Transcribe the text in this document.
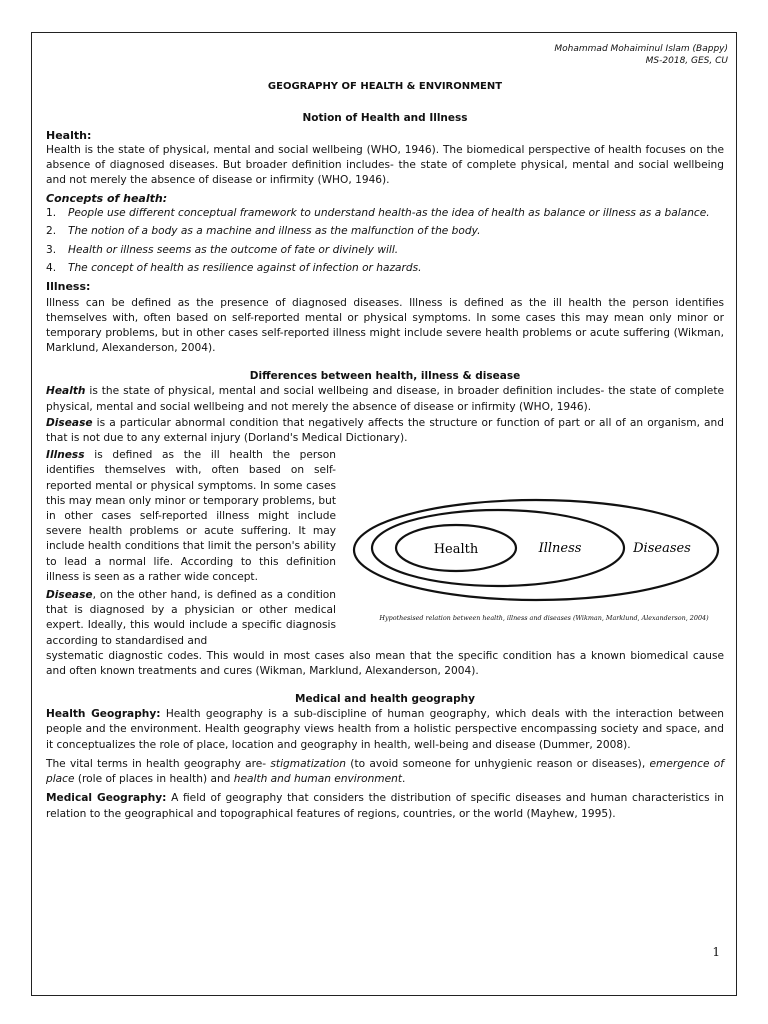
Mohammad Mohaiminul Islam (Bappy)
MS-2018, GES, CU
GEOGRAPHY OF HEALTH & ENVIRONMENT
Notion of Health and Illness
Health:

Health is the state of physical, mental and social wellbeing (WHO, 1946). The biomedical perspective of health focuses on the absence of diagnosed diseases. But broader definition includes- the state of complete physical, mental and social wellbeing and not merely the absence of disease or infirmity (WHO, 1946).

Concepts of health:
1.	People use different conceptual framework to understand health-as the idea of health as balance or illness as a balance.
2.	The notion of a body as a machine and illness as the malfunction of the body.
3.	Health or illness seems as the outcome of fate or divinely will.
4.	The concept of health as resilience against of infection or hazards.
Illness:

Illness can be defined as the presence of diagnosed diseases. Illness is defined as the ill health the person identifies themselves with, often based on self-reported mental or physical symptoms. In some cases this may mean only minor or temporary problems, but in other cases self-reported illness might include severe health problems or acute suffering (Wikman, Marklund, Alexanderson, 2004).

Differences between health, illness & disease

Health is the state of physical, mental and social wellbeing and disease, in broader definition includes- the state of complete physical, mental and social wellbeing and not merely the absence of disease or infirmity (WHO, 1946).

Disease is a particular abnormal condition that negatively affects the structure or function of part or all of an organism, and that is not due to any external injury (Dorland's Medical Dictionary).

Illness is defined as the ill health the person identifies themselves with, often based on self-reported mental or physical symptoms. In some cases this may mean only minor or temporary problems, but in other cases self-reported illness might include severe health problems or acute suffering. It may include health conditions that limit the person's ability to lead a normal life. According to this definition illness is seen as a rather wide concept.

Disease, on the other hand, is defined as a condition that is diagnosed by a physician or other medical expert. Ideally, this would include a specific diagnosis according to standardised and

Health	Illness	Diseases
Hypothesised relation between health, illness and diseases (Wikman, Marklund, Alexanderson, 2004)

systematic diagnostic codes. This would in most cases also mean that the specific condition has a known biomedical cause and often known treatments and cures (Wikman, Marklund, Alexanderson, 2004).

Medical and health geography

Health Geography: Health geography is a sub-discipline of human geography, which deals with the interaction between people and the environment. Health geography views health from a holistic perspective encompassing society and space, and it conceptualizes the role of place, location and geography in health, well-being and disease (Dummer, 2008).

The vital terms in health geography are- stigmatization (to avoid someone for unhygienic reason or diseases), emergence of place (role of places in health) and health and human environment.

Medical Geography: A field of geography that considers the distribution of specific diseases and human characteristics in relation to the geographical and topographical features of regions, countries, or the world (Mayhew, 1995).

1
